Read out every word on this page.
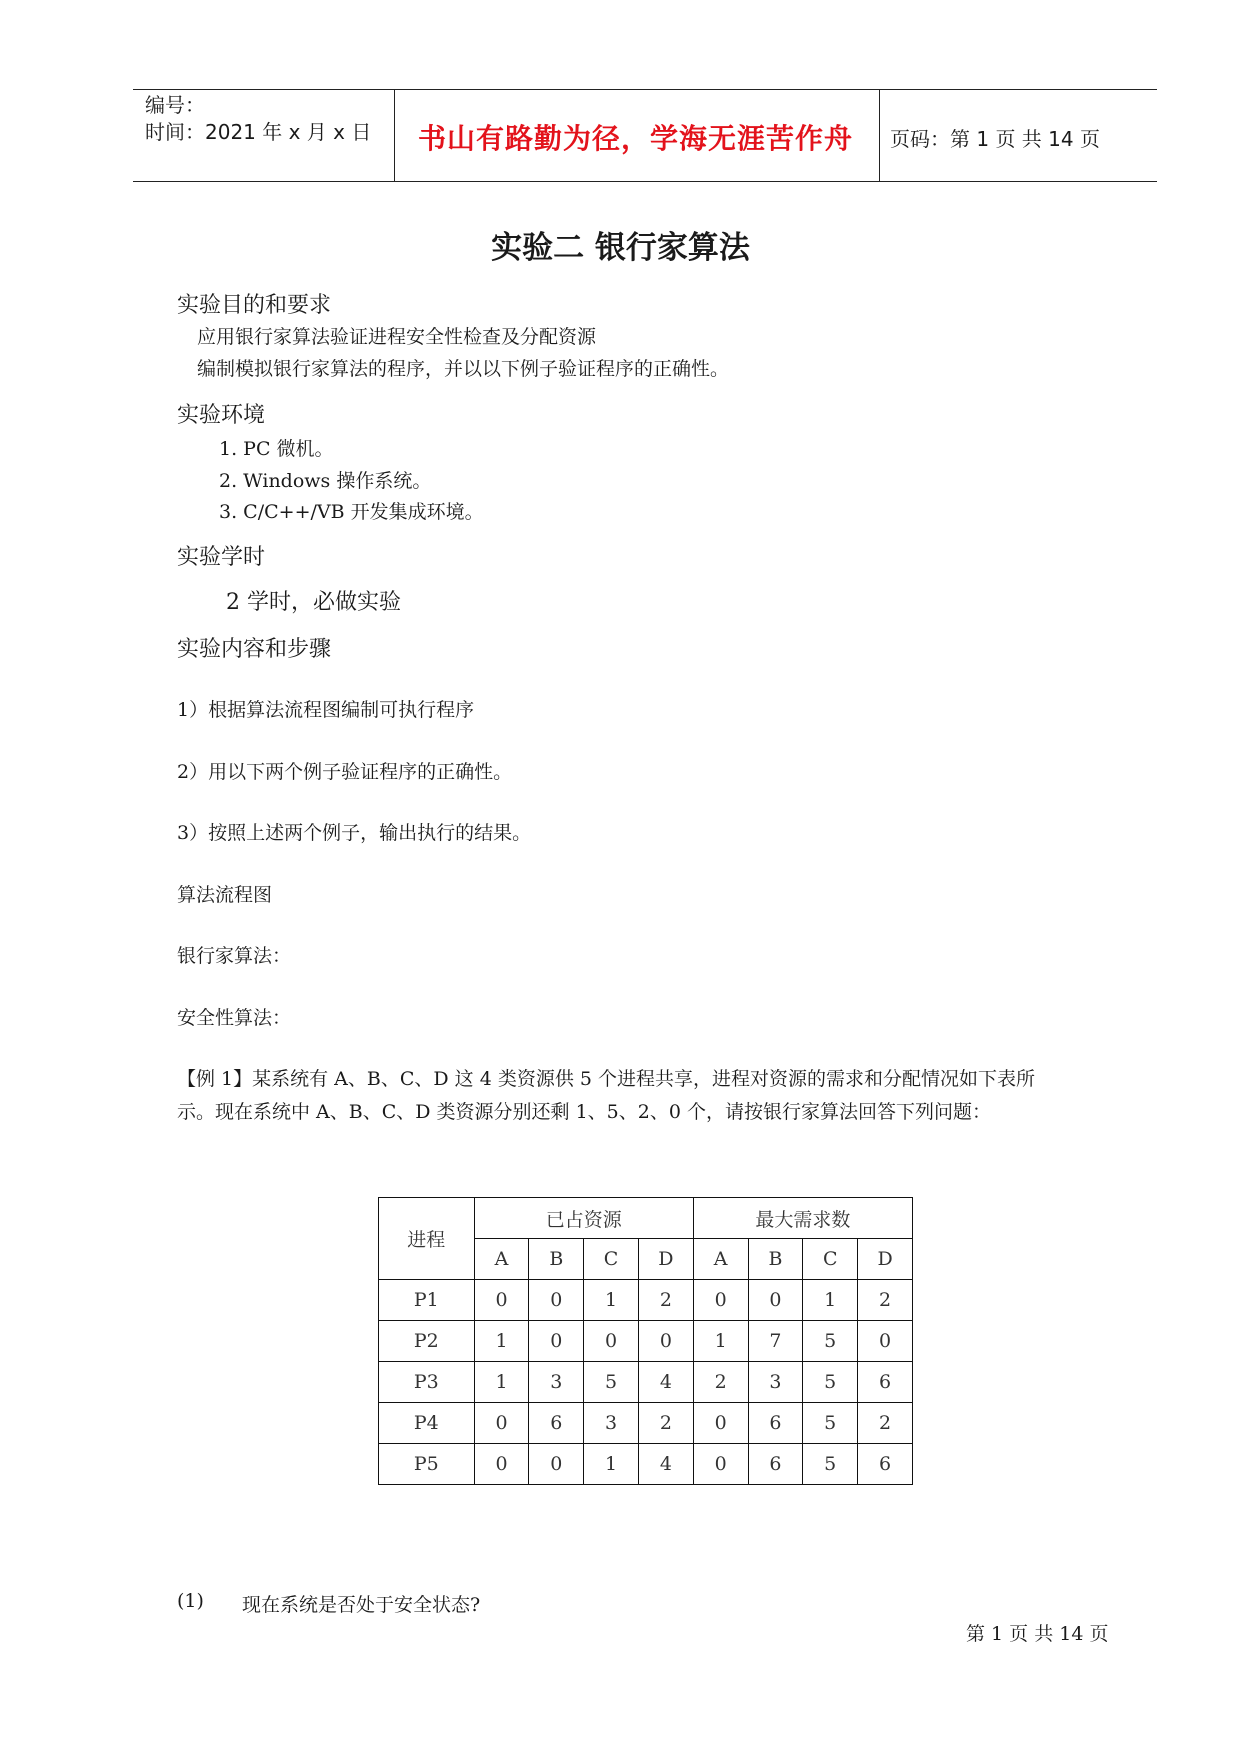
编号：
时间：2021 年 x 月 x 日 书山有路勤为径，学海无涯苦作舟 页码：第 1 页 共 14 页
实验二 银行家算法
实验目的和要求
应用银行家算法验证进程安全性检查及分配资源
编制模拟银行家算法的程序，并以以下例子验证程序的正确性。
实验环境
1. PC 微机。
2. Windows 操作系统。
3. C/C++/VB 开发集成环境。
实验学时
2 学时，必做实验
实验内容和步骤
1）根据算法流程图编制可执行程序
2）用以下两个例子验证程序的正确性。
3）按照上述两个例子，输出执行的结果。
算法流程图
银行家算法：
安全性算法：
【例 1】某系统有 A、B、C、D 这 4 类资源供 5 个进程共享，进程对资源的需求和分配情况如下表所
示。现在系统中 A、B、C、D 类资源分别还剩 1、5、2、0 个，请按银行家算法回答下列问题：
进程	已占资源				最大需求数			
	A	B	C	D	A	B	C	D
P1	0	0	1	2	0	0	1	2
P2	1	0	0	0	1	7	5	0
P3	1	3	5	4	2	3	5	6
P4	0	6	3	2	0	6	5	2
P5	0	0	1	4	0	6	5	6
(1) 现在系统是否处于安全状态?
第 1 页 共 14 页
